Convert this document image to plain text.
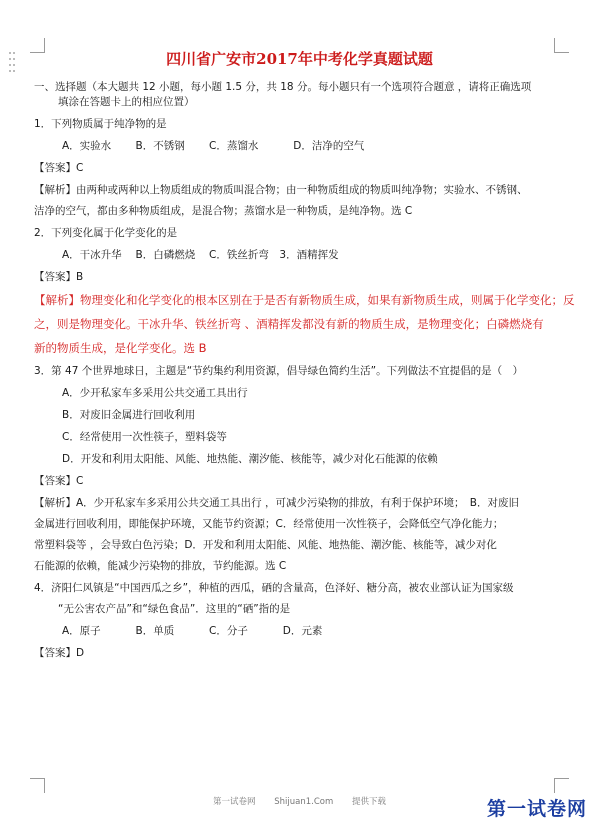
四川省广安市2017年中考化学真题试题
一、选择题（本大题共 12 小题，每小题 1.5 分，共 18 分。每小题只有一个选项符合题意 ，请将正确选项
填涂在答题卡上的相应位置）
1．下列物质属于纯净物的是
A．实验水　　 B．不锈钢　　 C．蒸馏水　　　 D．洁净的空气
【答案】C
【解析】由两种或两种以上物质组成的物质叫混合物；由一种物质组成的物质叫纯净物；实验水、不锈钢、
洁净的空气，都由多种物质组成，是混合物；蒸馏水是一种物质，是纯净物。选 C
2．下列变化属于化学变化的是
A．干冰升华　 B．白磷燃烧　 C．铁丝折弯　3．酒精挥发
【答案】B
【解析】物理变化和化学变化的根本区别在于是否有新物质生成，如果有新物质生成，则属于化学变化；反
之，则是物理变化。干冰升华、铁丝折弯 、酒精挥发都没有新的物质生成，是物理变化；白磷燃烧有
新的物质生成，是化学变化。选 B
3．第 47 个世界地球日，主题是“节约集约利用资源，倡导绿色简约生活”。下列做法不宜提倡的是（　）
A．少开私家车多采用公共交通工具出行
B．对废旧金属进行回收利用
C．经常使用一次性筷子，塑料袋等
D．开发和利用太阳能、风能、地热能、潮汐能、核能等，减少对化石能源的依赖
【答案】C
【解析】A．少开私家车多采用公共交通工具出行 ，可减少污染物的排放，有利于保护环境；　B．对废旧
金属进行回收利用，即能保护环境，又能节约资源；C．经常使用一次性筷子，会降低空气净化能力；
常塑料袋等 ，会导致白色污染；D．开发和利用太阳能、风能、地热能、潮汐能、核能等，减少对化
石能源的依赖，能减少污染物的排放，节约能源。选 C
4．济阳仁风镇是“中国西瓜之乡”，种植的西瓜，硒的含量高，色泽好、糖分高，被农业部认证为国家级
“无公害农产品”和“绿色食品”．这里的“硒”指的是
A．原子　　　 B．单质　　　 C．分子　　　 D．元素
【答案】D
第一试卷网 Shijuan1.Com 提供下载	第一试卷网
